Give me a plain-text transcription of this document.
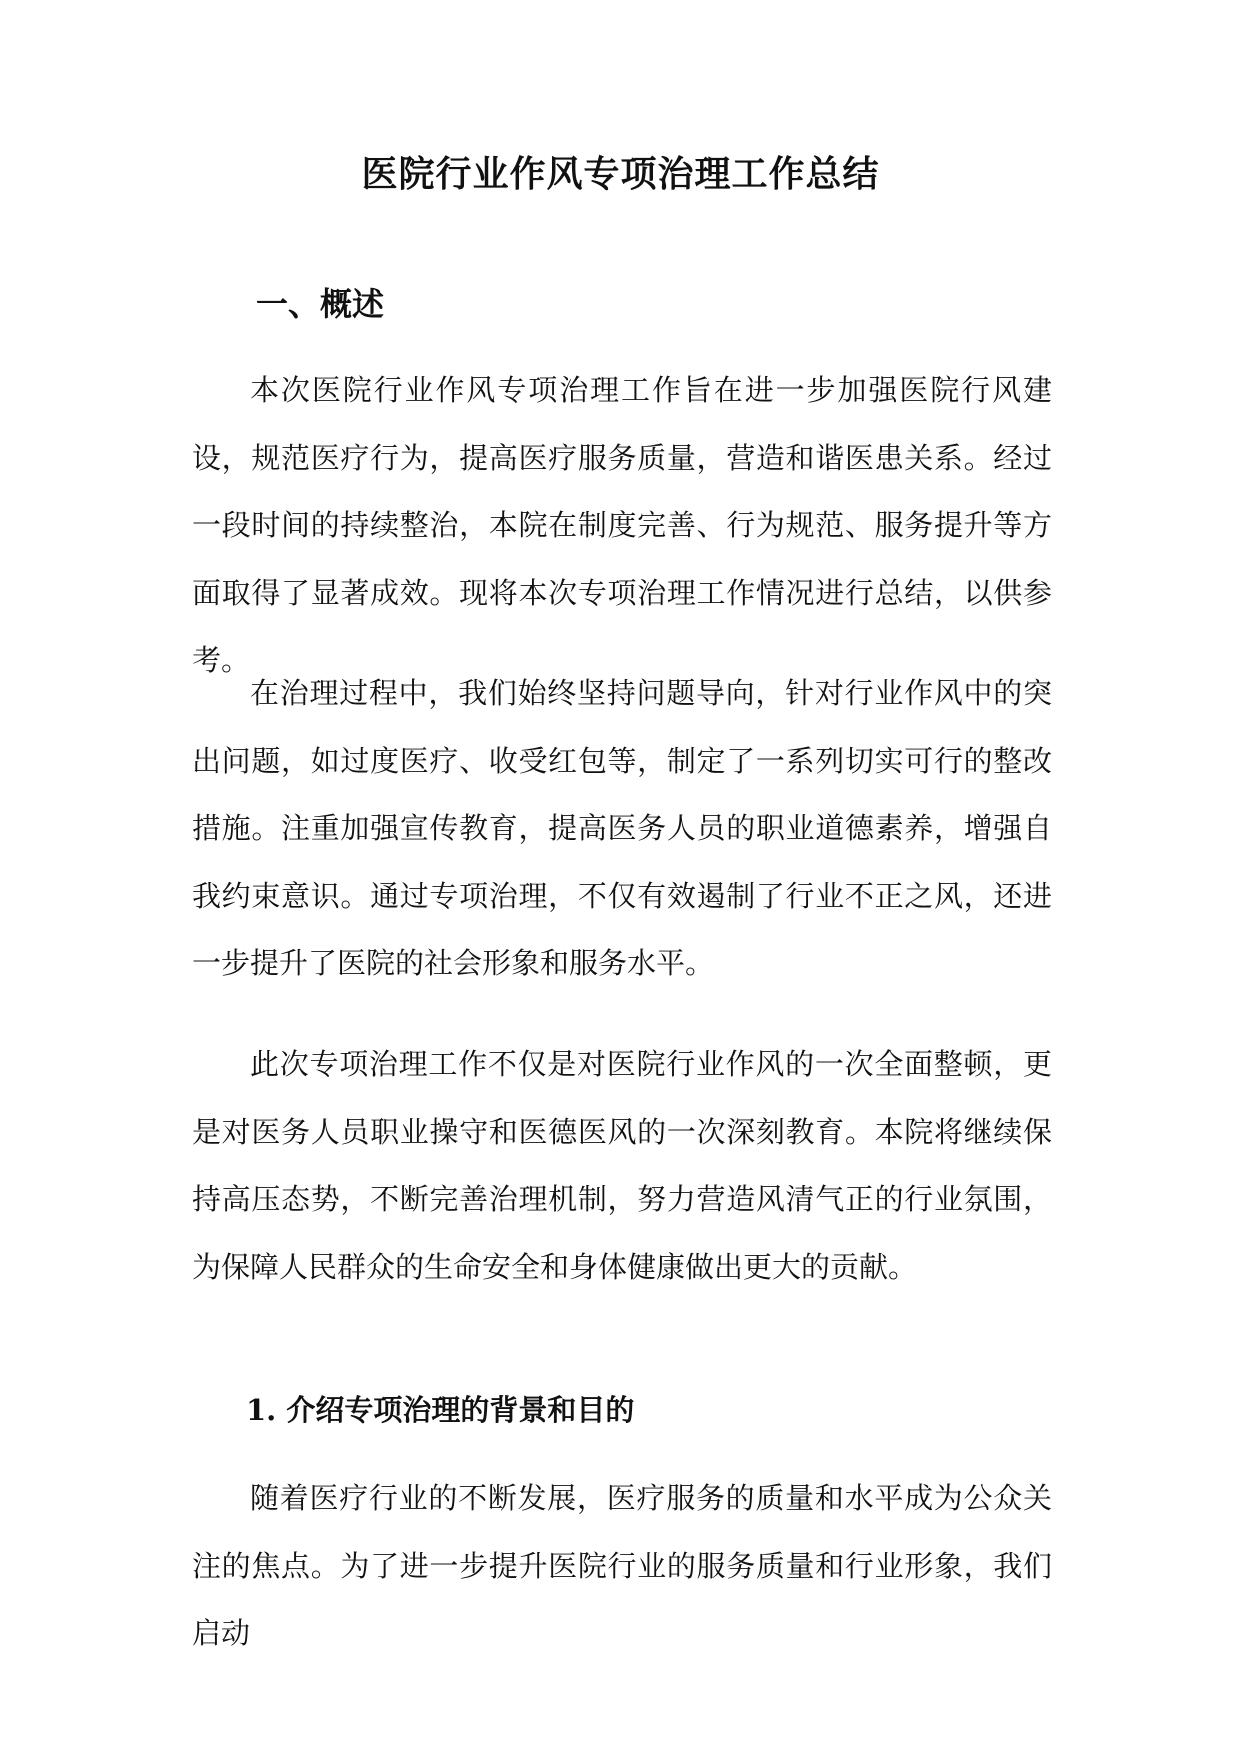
医院行业作风专项治理工作总结
一、概述
本次医院行业作风专项治理工作旨在进一步加强医院行风建设，规范医疗行为，提高医疗服务质量，营造和谐医患关系。经过一段时间的持续整治，本院在制度完善、行为规范、服务提升等方面取得了显著成效。现将本次专项治理工作情况进行总结，以供参考。
在治理过程中，我们始终坚持问题导向，针对行业作风中的突出问题，如过度医疗、收受红包等，制定了一系列切实可行的整改措施。注重加强宣传教育，提高医务人员的职业道德素养，增强自我约束意识。通过专项治理，不仅有效遏制了行业不正之风，还进一步提升了医院的社会形象和服务水平。
此次专项治理工作不仅是对医院行业作风的一次全面整顿，更是对医务人员职业操守和医德医风的一次深刻教育。本院将继续保持高压态势，不断完善治理机制，努力营造风清气正的行业氛围，为保障人民群众的生命安全和身体健康做出更大的贡献。
1. 介绍专项治理的背景和目的
随着医疗行业的不断发展，医疗服务的质量和水平成为公众关注的焦点。为了进一步提升医院行业的服务质量和行业形象，我们启动
